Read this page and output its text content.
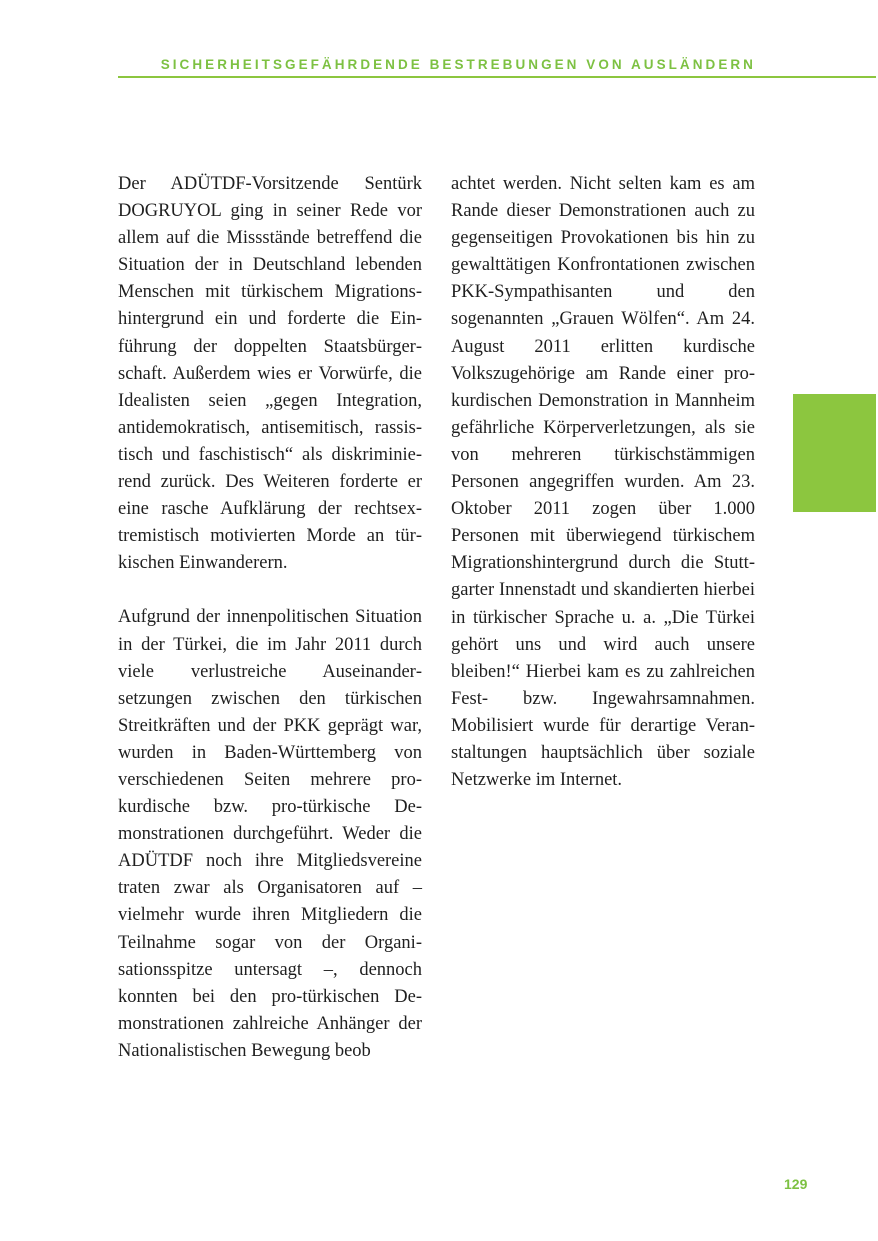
SICHERHEITSGEFÄHRDENDE BESTREBUNGEN VON AUSLÄNDERN

Der ADÜTDF-Vorsitzende Sentürk DOGRUYOL ging in seiner Rede vor allem auf die Missstände betreffend die Situation der in Deutschland lebenden Menschen mit türkischem Migrationshintergrund ein und forderte die Einführung der doppelten Staatsbürgerschaft. Außerdem wies er Vorwürfe, die Idealisten seien „gegen Integration, antidemokratisch, antisemitisch, rassistisch und faschistisch“ als diskriminierend zurück. Des Weiteren forderte er eine rasche Aufklärung der rechtsextremistisch motivierten Morde an türkischen Einwanderern.

Aufgrund der innenpolitischen Situation in der Türkei, die im Jahr 2011 durch viele verlustreiche Auseinandersetzungen zwischen den türkischen Streitkräften und der PKK geprägt war, wurden in Baden-Württemberg von verschiedenen Seiten mehrere pro-kurdische bzw. pro-türkische Demonstrationen durchgeführt. Weder die ADÜTDF noch ihre Mitgliedsvereine traten zwar als Organisatoren auf – vielmehr wurde ihren Mitgliedern die Teilnahme sogar von der Organisationsspitze untersagt –, dennoch konnten bei den pro-türkischen Demonstrationen zahlreiche Anhänger der Nationalistischen Bewegung beob

achtet werden. Nicht selten kam es am Rande dieser Demonstrationen auch zu gegenseitigen Provokationen bis hin zu gewalttätigen Konfrontationen zwischen PKK-Sympathisanten und den sogenannten „Grauen Wölfen“. Am 24. August 2011 erlitten kurdische Volkszugehörige am Rande einer prokurdischen Demonstration in Mannheim gefährliche Körperverletzungen, als sie von mehreren türkischstämmigen Personen angegriffen wurden. Am 23. Oktober 2011 zogen über 1.000 Personen mit überwiegend türkischem Migrationshintergrund durch die Stuttgarter Innenstadt und skandierten hierbei in türkischer Sprache u. a. „Die Türkei gehört uns und wird auch unsere bleiben!“ Hierbei kam es zu zahlreichen Fest- bzw. Ingewahrsamnahmen. Mobilisiert wurde für derartige Veranstaltungen hauptsächlich über soziale Netzwerke im Internet.

129
